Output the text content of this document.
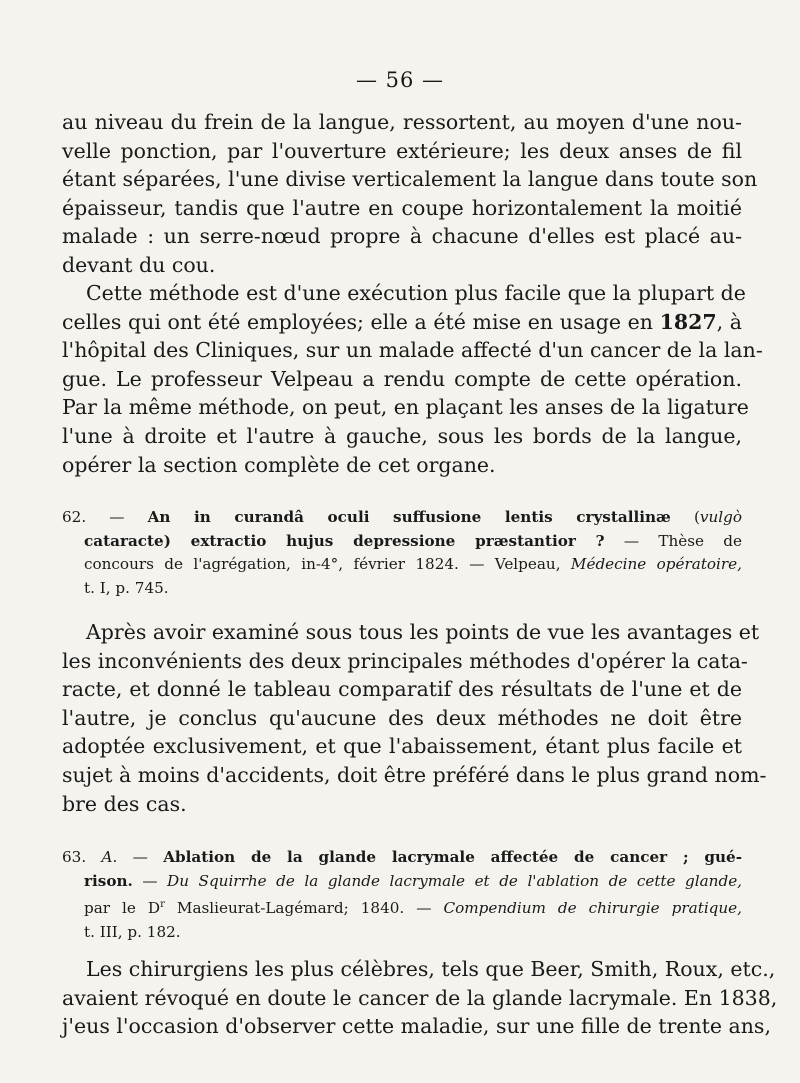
— 56 —
au niveau du frein de la langue, ressortent, au moyen d'une nou-
velle ponction, par l'ouverture extérieure; les deux anses de fil
étant séparées, l'une divise verticalement la langue dans toute son
épaisseur, tandis que l'autre en coupe horizontalement la moitié
malade : un serre-nœud propre à chacune d'elles est placé au-
devant du cou.
Cette méthode est d'une exécution plus facile que la plupart de
celles qui ont été employées; elle a été mise en usage en 1827, à
l'hôpital des Cliniques, sur un malade affecté d'un cancer de la lan-
gue. Le professeur Velpeau a rendu compte de cette opération.
Par la même méthode, on peut, en plaçant les anses de la ligature
l'une à droite et l'autre à gauche, sous les bords de la langue,
opérer la section complète de cet organe.
62. — An in curandâ oculi suffusione lentis crystallinæ (vulgò
cataracte) extractio hujus depressione præstantior ? — Thèse de
concours de l'agrégation, in-4°, février 1824. — Velpeau, Médecine opératoire,
t. I, p. 745.
Après avoir examiné sous tous les points de vue les avantages et
les inconvénients des deux principales méthodes d'opérer la cata-
racte, et donné le tableau comparatif des résultats de l'une et de
l'autre, je conclus qu'aucune des deux méthodes ne doit être
adoptée exclusivement, et que l'abaissement, étant plus facile et
sujet à moins d'accidents, doit être préféré dans le plus grand nom-
bre des cas.
63. A. — Ablation de la glande lacrymale affectée de cancer ; gué-
rison. — Du Squirrhe de la glande lacrymale et de l'ablation de cette glande,
par le $D^r$ Maslieurat-Lagémard; 1840. — Compendium de chirurgie pratique,
t. III, p. 182.
Les chirurgiens les plus célèbres, tels que Beer, Smith, Roux, etc.,
avaient révoqué en doute le cancer de la glande lacrymale. En 1838,
j'eus l'occasion d'observer cette maladie, sur une fille de trente ans,
